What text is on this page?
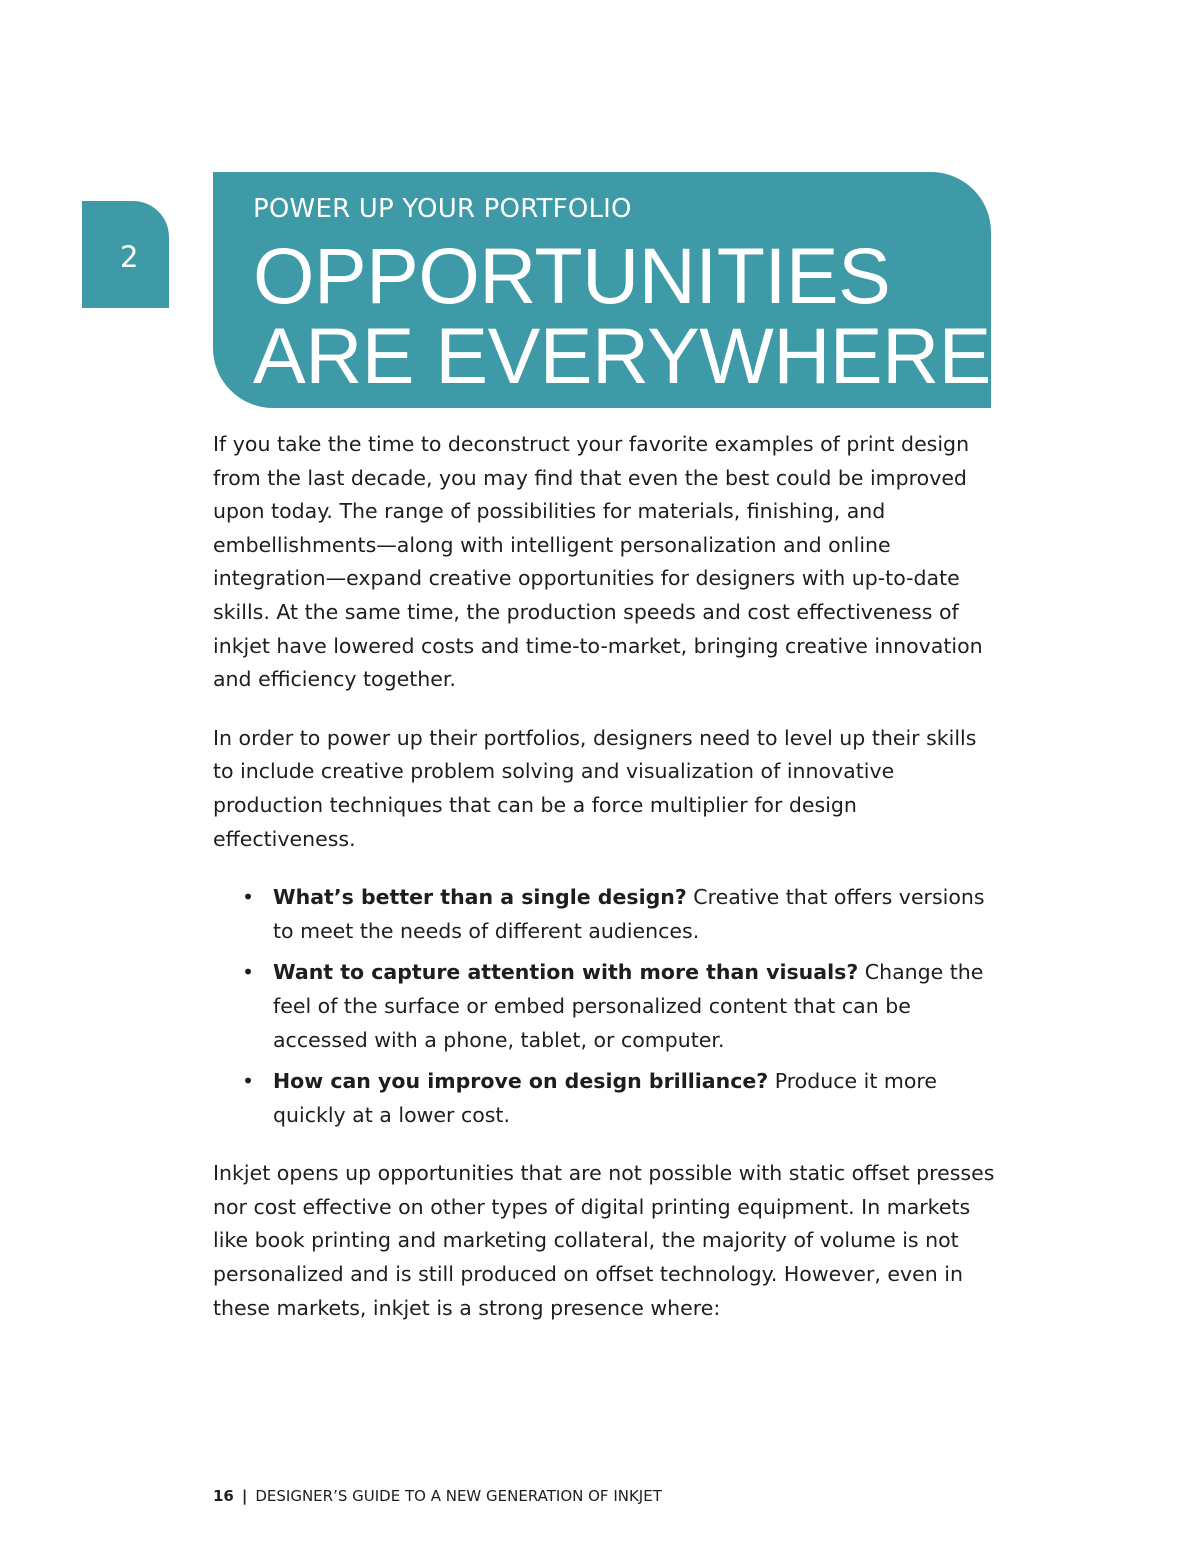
2
POWER UP YOUR PORTFOLIO
OPPORTUNITIES
ARE EVERYWHERE

If you take the time to deconstruct your favorite examples of print design from the last decade, you may find that even the best could be improved upon today. The range of possibilities for materials, finishing, and embellishments—along with intelligent personalization and online integration—expand creative opportunities for designers with up-to-date skills. At the same time, the production speeds and cost effectiveness of inkjet have lowered costs and time-to-market, bringing creative innovation and efficiency together.

In order to power up their portfolios, designers need to level up their skills to include creative problem solving and visualization of innovative production techniques that can be a force multiplier for design effectiveness.

• What’s better than a single design? Creative that offers versions to meet the needs of different audiences.
• Want to capture attention with more than visuals? Change the feel of the surface or embed personalized content that can be accessed with a phone, tablet, or computer.
• How can you improve on design brilliance? Produce it more quickly at a lower cost.

Inkjet opens up opportunities that are not possible with static offset presses nor cost effective on other types of digital printing equipment. In markets like book printing and marketing collateral, the majority of volume is not personalized and is still produced on offset technology. However, even in these markets, inkjet is a strong presence where:

16 | DESIGNER’S GUIDE TO A NEW GENERATION OF INKJET
